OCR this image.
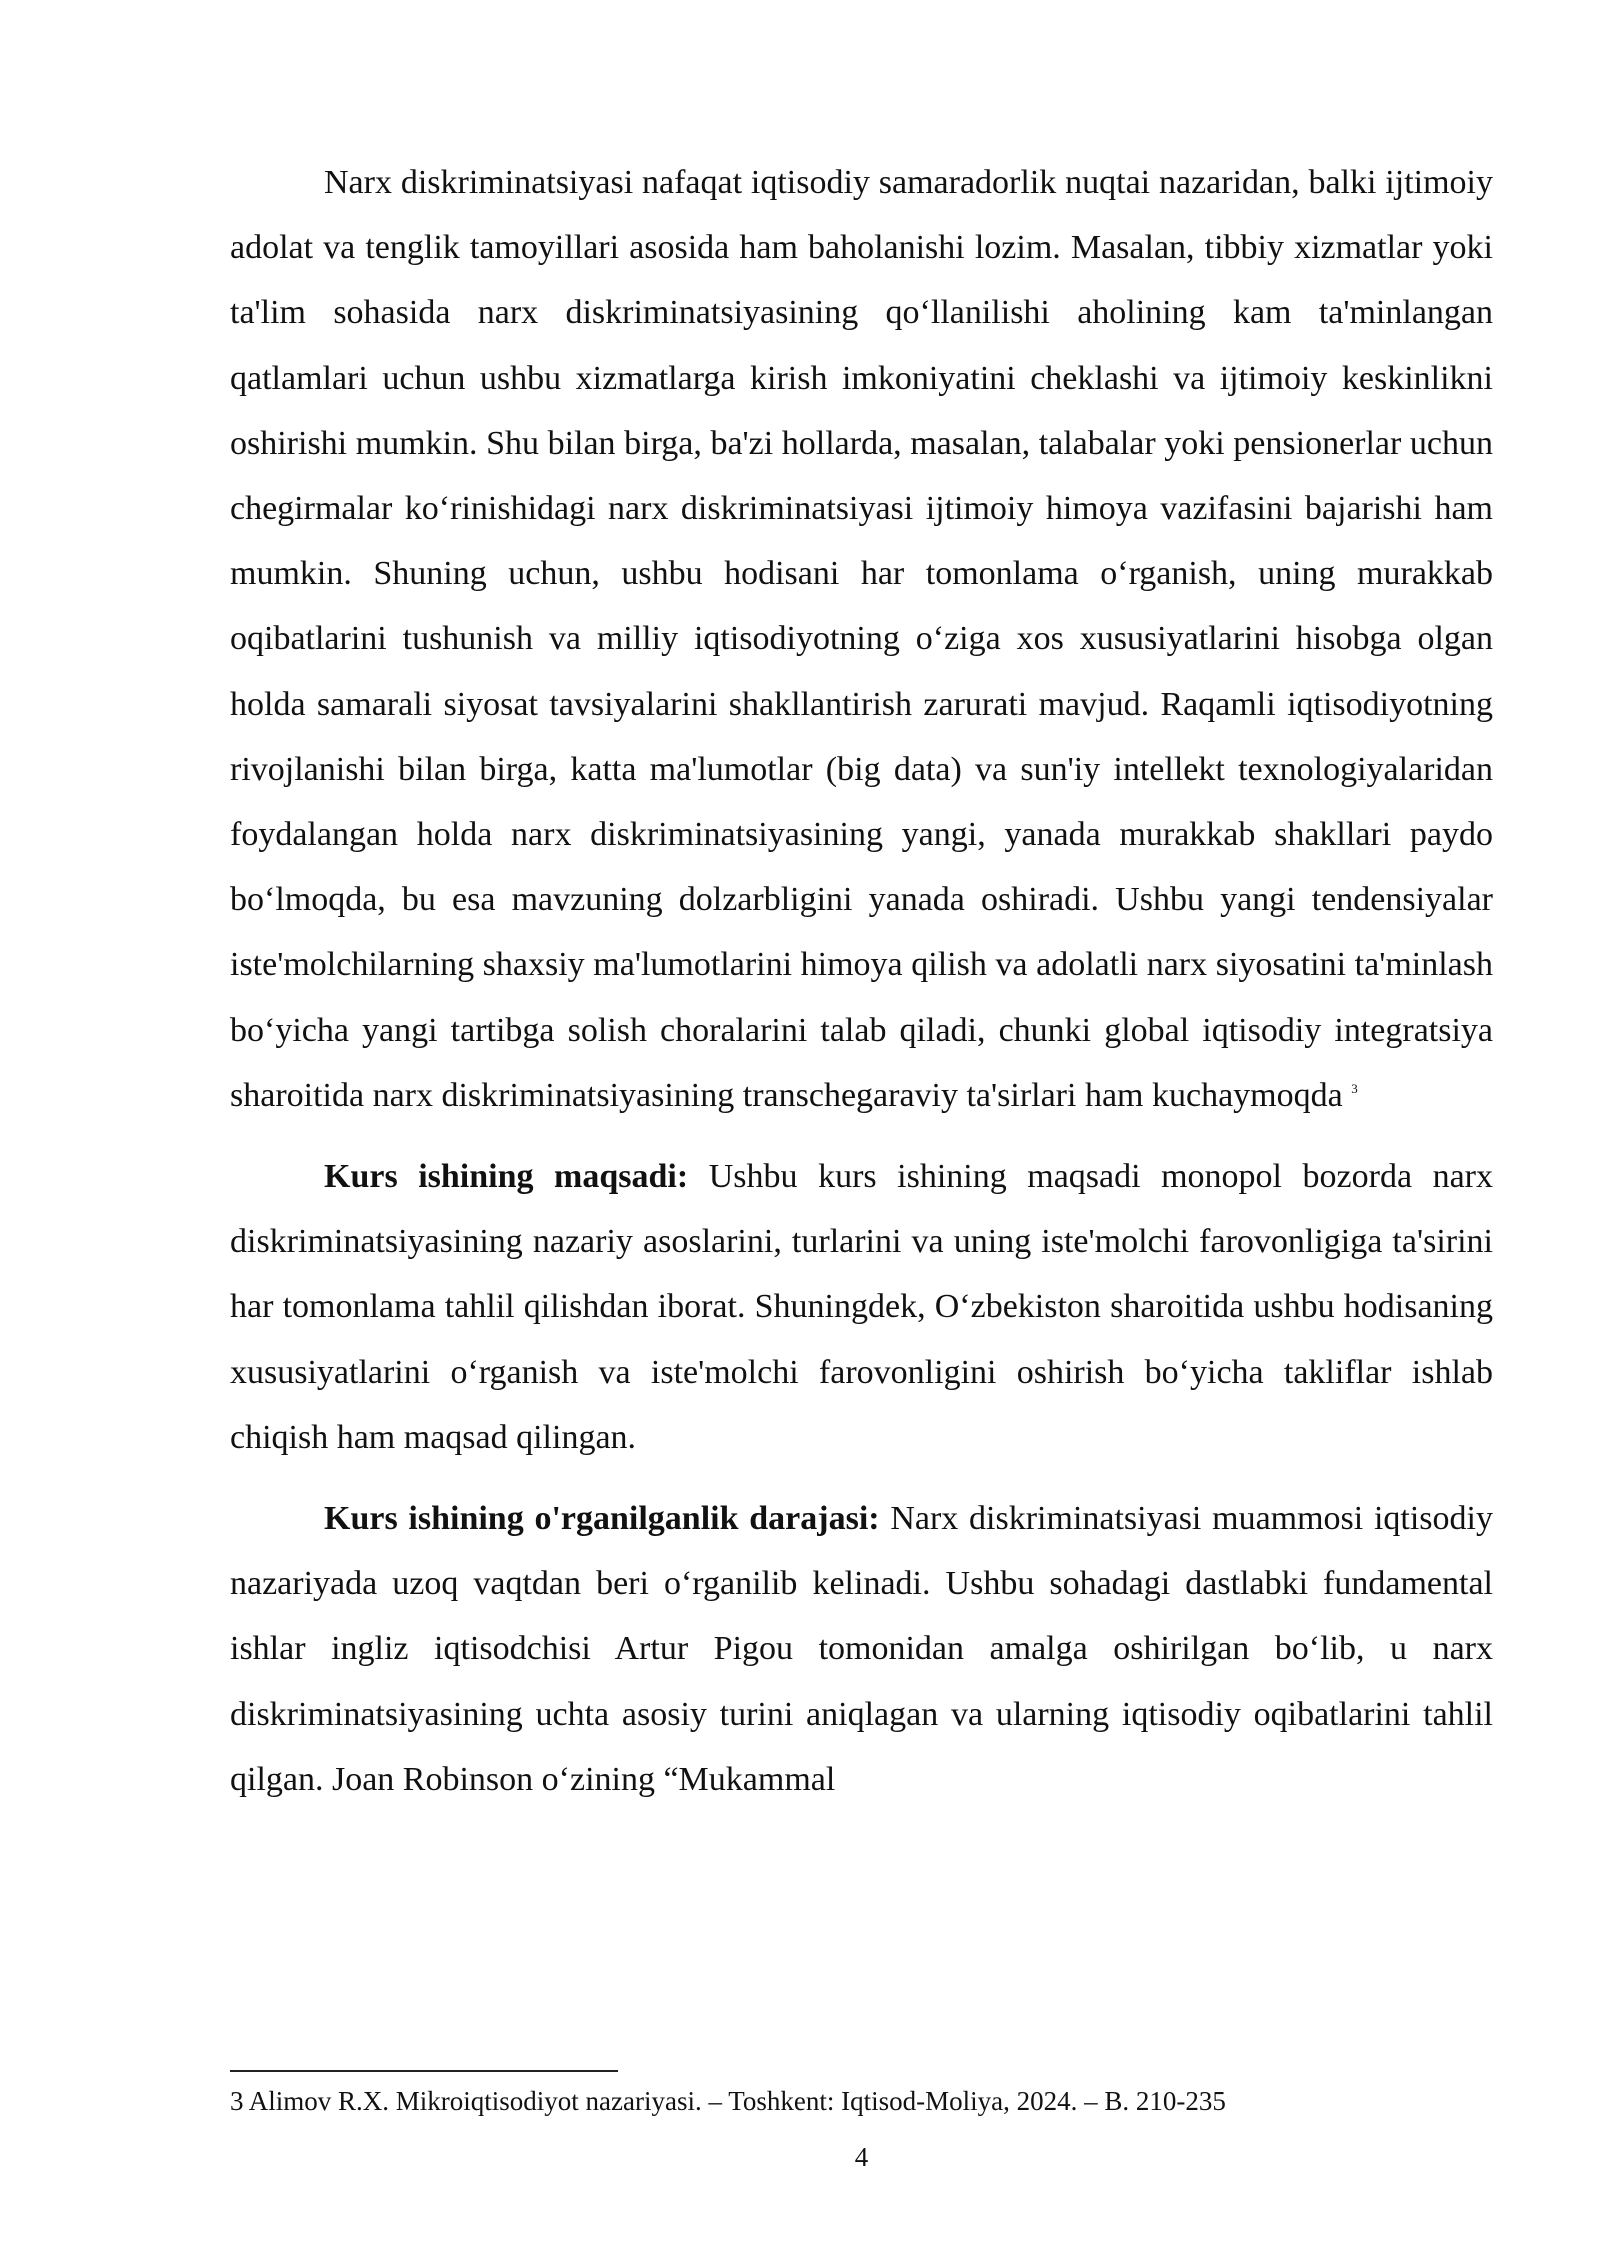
Narx diskriminatsiyasi nafaqat iqtisodiy samaradorlik nuqtai nazaridan, balki ijtimoiy adolat va tenglik tamoyillari asosida ham baholanishi lozim. Masalan, tibbiy xizmatlar yoki ta'lim sohasida narx diskriminatsiyasining qo‘llanilishi aholining kam ta'minlangan qatlamlari uchun ushbu xizmatlarga kirish imkoniyatini cheklashi va ijtimoiy keskinlikni oshirishi mumkin. Shu bilan birga, ba'zi hollarda, masalan, talabalar yoki pensionerlar uchun chegirmalar ko‘rinishidagi narx diskriminatsiyasi ijtimoiy himoya vazifasini bajarishi ham mumkin. Shuning uchun, ushbu hodisani har tomonlama o‘rganish, uning murakkab oqibatlarini tushunish va milliy iqtisodiyotning o‘ziga xos xususiyatlarini hisobga olgan holda samarali siyosat tavsiyalarini shakllantirish zarurati mavjud. Raqamli iqtisodiyotning rivojlanishi bilan birga, katta ma'lumotlar (big data) va sun'iy intellekt texnologiyalaridan foydalangan holda narx diskriminatsiyasining yangi, yanada murakkab shakllari paydo bo‘lmoqda, bu esa mavzuning dolzarbligini yanada oshiradi. Ushbu yangi tendensiyalar iste'molchilarning shaxsiy ma'lumotlarini himoya qilish va adolatli narx siyosatini ta'minlash bo‘yicha yangi tartibga solish choralarini talab qiladi, chunki global iqtisodiy integratsiya sharoitida narx diskriminatsiyasining transchegaraviy ta'sirlari ham kuchaymoqda $^3$

Kurs ishining maqsadi: Ushbu kurs ishining maqsadi monopol bozorda narx diskriminatsiyasining nazariy asoslarini, turlarini va uning iste'molchi farovonligiga ta'sirini har tomonlama tahlil qilishdan iborat. Shuningdek, O‘zbekiston sharoitida ushbu hodisaning xususiyatlarini o‘rganish va iste'molchi farovonligini oshirish bo‘yicha takliflar ishlab chiqish ham maqsad qilingan.

Kurs ishining o'rganilganlik darajasi: Narx diskriminatsiyasi muammosi iqtisodiy nazariyada uzoq vaqtdan beri o‘rganilib kelinadi. Ushbu sohadagi dastlabki fundamental ishlar ingliz iqtisodchisi Artur Pigou tomonidan amalga oshirilgan bo‘lib, u narx diskriminatsiyasining uchta asosiy turini aniqlagan va ularning iqtisodiy oqibatlarini tahlil qilgan. Joan Robinson o‘zining “Mukammal

3 Alimov R.X. Mikroiqtisodiyot nazariyasi. – Toshkent: Iqtisod-Moliya, 2024. – B. 210-235

4
